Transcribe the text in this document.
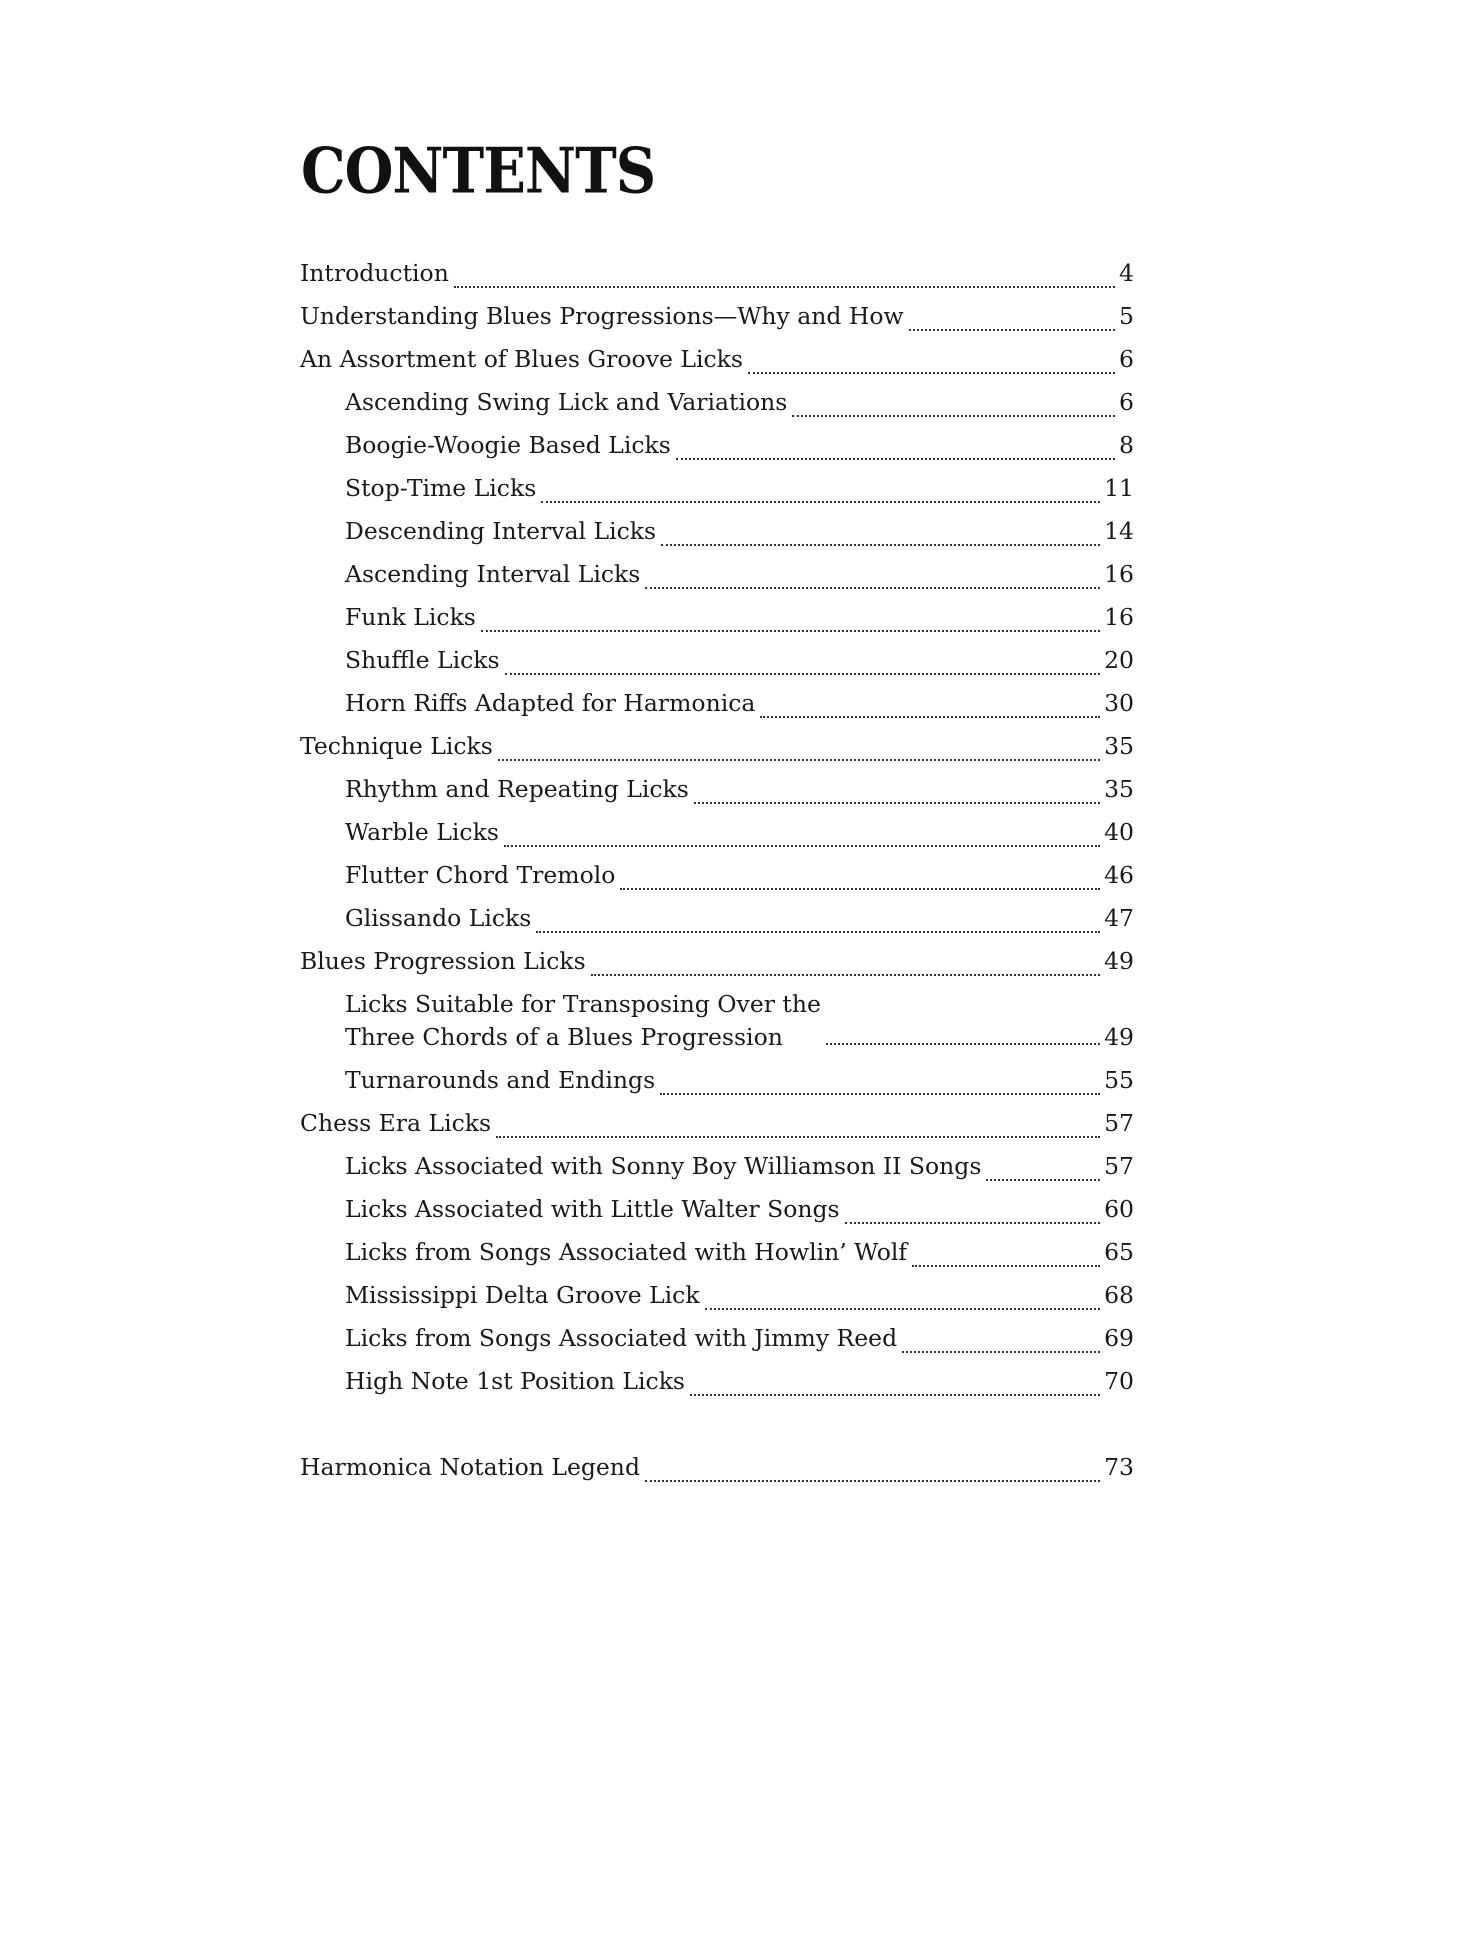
CONTENTS
Introduction	4
Understanding Blues Progressions—Why and How	5
An Assortment of Blues Groove Licks	6
Ascending Swing Lick and Variations	6
Boogie-Woogie Based Licks	8
Stop-Time Licks	11
Descending Interval Licks	14
Ascending Interval Licks	16
Funk Licks	16
Shuffle Licks	20
Horn Riffs Adapted for Harmonica	30
Technique Licks	35
Rhythm and Repeating Licks	35
Warble Licks	40
Flutter Chord Tremolo	46
Glissando Licks	47
Blues Progression Licks	49
Licks Suitable for Transposing Over the
Three Chords of a Blues Progression	49
Turnarounds and Endings	55
Chess Era Licks	57
Licks Associated with Sonny Boy Williamson II Songs	57
Licks Associated with Little Walter Songs	60
Licks from Songs Associated with Howlin’ Wolf	65
Mississippi Delta Groove Lick	68
Licks from Songs Associated with Jimmy Reed	69
High Note 1st Position Licks	70
Harmonica Notation Legend	73
